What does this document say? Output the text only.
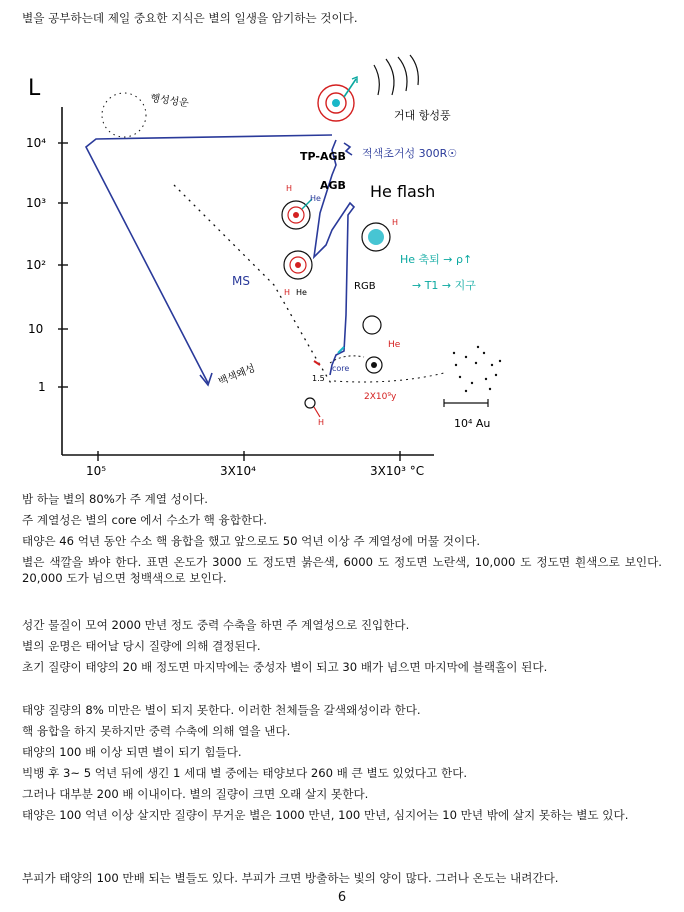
별을 공부하는데 제일 중요한 지식은 별의 일생을 암기하는 것이다.
L
10⁴
10³
10²
10
1
10⁵	3X10⁴	3X10³ °C
MS
백색왜성
행성성운
TP-AGB
AGB
RGB
He flash
적색초거성 300R☉
거대 항성풍
He
H
H He
H
He 축퇴 → ρ↑
→ T1 → 지구
He
core
1.5
H
2X10⁹y
10⁴ Au
밤 하늘 별의 80%가 주 계열 성이다.
주 계열성은 별의 core 에서 수소가 핵 융합한다.
태양은 46 억년 동안 수소 핵 융합을 했고 앞으로도 50 억년 이상 주 계열성에 머물 것이다.
별은 색깔을 봐야 한다. 표면 온도가 3000 도 정도면 붉은색, 6000 도 정도면 노란색, 10,000 도 정도면 흰색으로 보인다. 20,000 도가 넘으면 청백색으로 보인다.
성간 물질이 모여 2000 만년 정도 중력 수축을 하면 주 계열성으로 진입한다.
별의 운명은 태어날 당시 질량에 의해 결정된다.
초기 질량이 태양의 20 배 정도면 마지막에는 중성자 별이 되고 30 배가 넘으면 마지막에 블랙홀이 된다.
태양 질량의 8% 미만은 별이 되지 못한다. 이러한 천체들을 갈색왜성이라 한다.
핵 융합을 하지 못하지만 중력 수축에 의해 열을 낸다.
태양의 100 배 이상 되면 별이 되기 힘들다.
빅뱅 후 3~ 5 억년 뒤에 생긴 1 세대 별 중에는 태양보다 260 배 큰 별도 있었다고 한다.
그러나 대부분 200 배 이내이다. 별의 질량이 크면 오래 살지 못한다.
태양은 100 억년 이상 살지만 질량이 무거운 별은 1000 만년, 100 만년, 심지어는 10 만년 밖에 살지 못하는 별도 있다.
부피가 태양의 100 만배 되는 별들도 있다. 부피가 크면 방출하는 빛의 양이 많다. 그러나 온도는 내려간다.
6
